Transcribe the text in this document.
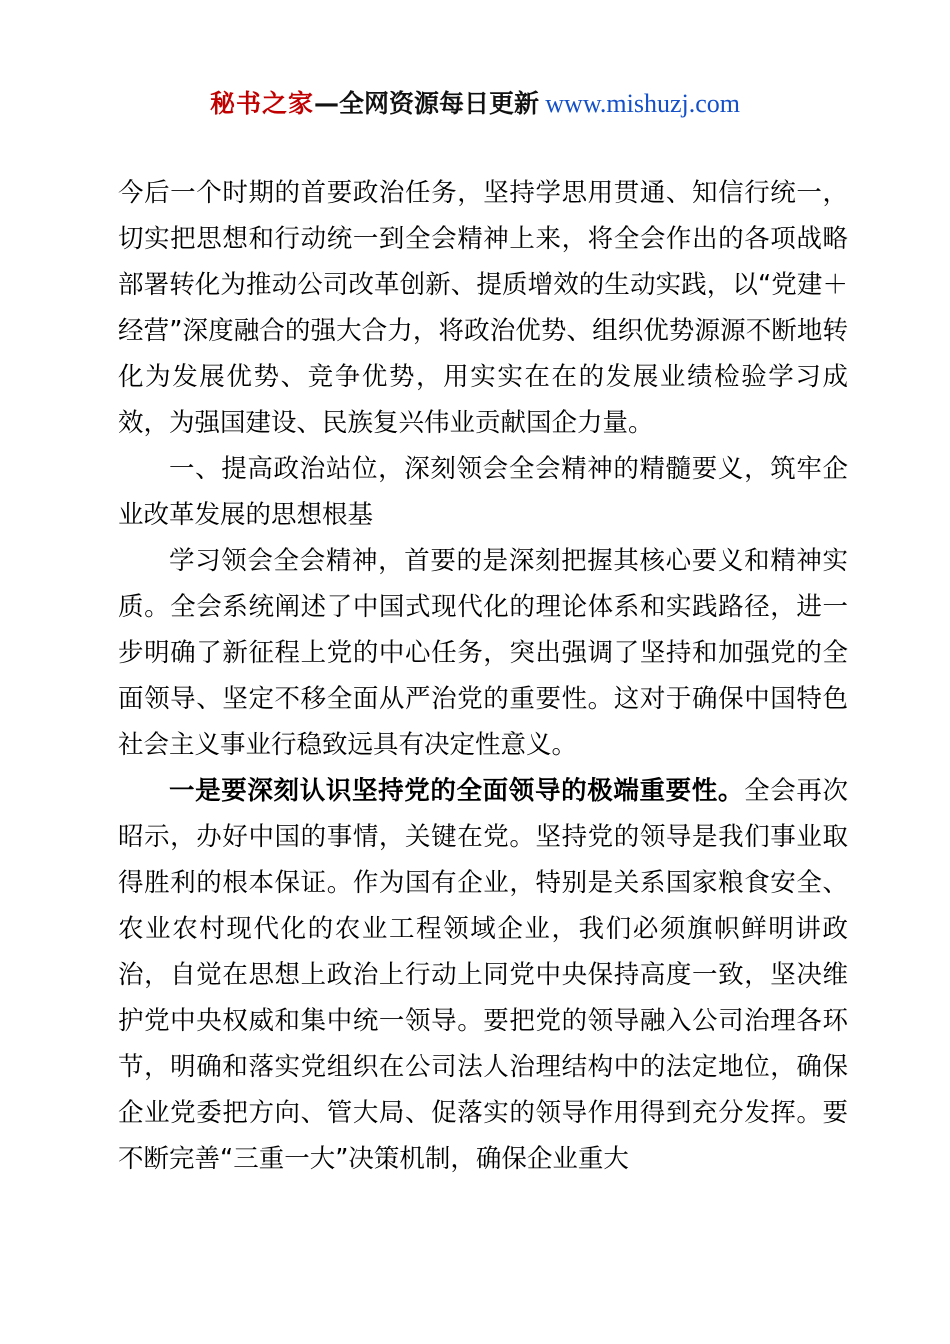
秘书之家—全网资源每日更新 www.mishuzj.com

今后一个时期的首要政治任务，坚持学思用贯通、知信行统一，切实把思想和行动统一到全会精神上来，将全会作出的各项战略部署转化为推动公司改革创新、提质增效的生动实践，以“党建＋经营”深度融合的强大合力，将政治优势、组织优势源源不断地转化为发展优势、竞争优势，用实实在在的发展业绩检验学习成效，为强国建设、民族复兴伟业贡献国企力量。

一、提高政治站位，深刻领会全会精神的精髓要义，筑牢企业改革发展的思想根基

学习领会全会精神，首要的是深刻把握其核心要义和精神实质。全会系统阐述了中国式现代化的理论体系和实践路径，进一步明确了新征程上党的中心任务，突出强调了坚持和加强党的全面领导、坚定不移全面从严治党的重要性。这对于确保中国特色社会主义事业行稳致远具有决定性意义。

一是要深刻认识坚持党的全面领导的极端重要性。全会再次昭示，办好中国的事情，关键在党。坚持党的领导是我们事业取得胜利的根本保证。作为国有企业，特别是关系国家粮食安全、农业农村现代化的农业工程领域企业，我们必须旗帜鲜明讲政治，自觉在思想上政治上行动上同党中央保持高度一致，坚决维护党中央权威和集中统一领导。要把党的领导融入公司治理各环节，明确和落实党组织在公司法人治理结构中的法定地位，确保企业党委把方向、管大局、促落实的领导作用得到充分发挥。要不断完善“三重一大”决策机制，确保企业重大
